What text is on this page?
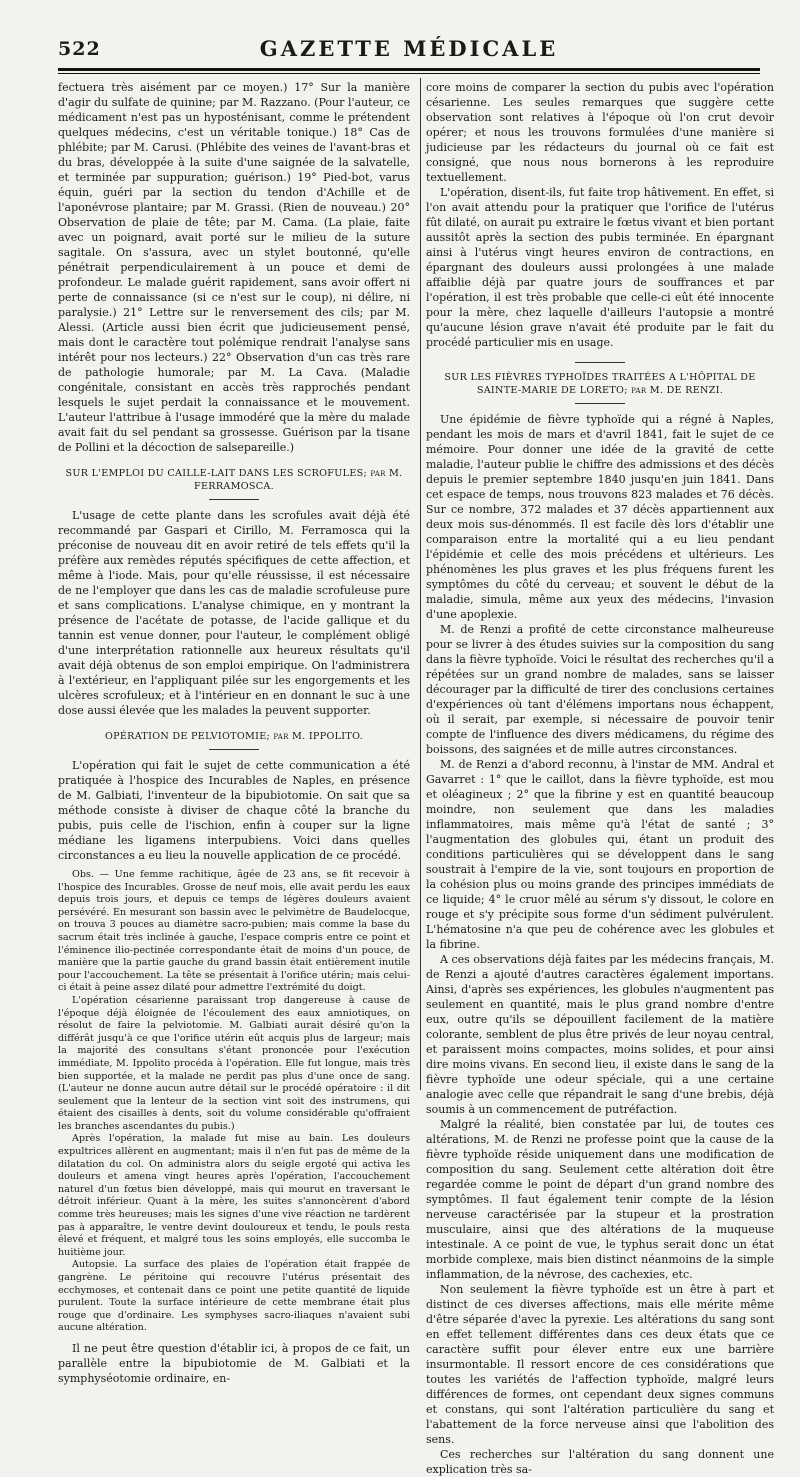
522	GAZETTE MÉDICALE

fectuera très aisément par ce moyen.) 17° Sur la manière d'agir du sulfate de quinine; par M. Razzano. (Pour l'auteur, ce médicament n'est pas un hyposténisant, comme le prétendent quelques médecins, c'est un véritable tonique.) 18° Cas de phlébite; par M. Carusi. (Phlébite des veines de l'avant-bras et du bras, développée à la suite d'une saignée de la salvatelle, et terminée par suppuration; guérison.) 19° Pied-bot, varus équin, guéri par la section du tendon d'Achille et de l'aponévrose plantaire; par M. Grassi. (Rien de nouveau.) 20° Observation de plaie de tête; par M. Cama. (La plaie, faite avec un poignard, avait porté sur le milieu de la suture sagitale. On s'assura, avec un stylet boutonné, qu'elle pénétrait perpendiculairement à un pouce et demi de profondeur. Le malade guérit rapidement, sans avoir offert ni perte de connaissance (si ce n'est sur le coup), ni délire, ni paralysie.) 21° Lettre sur le renversement des cils; par M. Alessi. (Article aussi bien écrit que judicieusement pensé, mais dont le caractère tout polémique rendrait l'analyse sans intérêt pour nos lecteurs.) 22° Observation d'un cas très rare de pathologie humorale; par M. La Cava. (Maladie congénitale, consistant en accès très rapprochés pendant lesquels le sujet perdait la connaissance et le mouvement. L'auteur l'attribue à l'usage immodéré que la mère du malade avait fait du sel pendant sa grossesse. Guérison par la tisane de Pollini et la décoction de salsepareille.)

SUR L'EMPLOI DU CAILLE-LAIT DANS LES SCROFULES; par M. FERRAMOSCA.

L'usage de cette plante dans les scrofules avait déjà été recommandé par Gaspari et Cirillo, M. Ferramosca qui la préconise de nouveau dit en avoir retiré de tels effets qu'il la préfère aux remèdes réputés spécifiques de cette affection, et même à l'iode. Mais, pour qu'elle réussisse, il est nécessaire de ne l'employer que dans les cas de maladie scrofuleuse pure et sans complications. L'analyse chimique, en y montrant la présence de l'acétate de potasse, de l'acide gallique et du tannin est venue donner, pour l'auteur, le complément obligé d'une interprétation rationnelle aux heureux résultats qu'il avait déjà obtenus de son emploi empirique. On l'administrera à l'extérieur, en l'appliquant pilée sur les engorgements et les ulcères scrofuleux; et à l'intérieur en en donnant le suc à une dose aussi élevée que les malades la peuvent supporter.

OPÉRATION DE PELVIOTOMIE; par M. IPPOLITO.

L'opération qui fait le sujet de cette communication a été pratiquée à l'hospice des Incurables de Naples, en présence de M. Galbiati, l'inventeur de la bipubiotomie. On sait que sa méthode consiste à diviser de chaque côté la branche du pubis, puis celle de l'ischion, enfin à couper sur la ligne médiane les ligamens interpubiens. Voici dans quelles circonstances a eu lieu la nouvelle application de ce procédé.

Obs. — Une femme rachitique, âgée de 23 ans, se fit recevoir à l'hospice des Incurables. Grosse de neuf mois, elle avait perdu les eaux depuis trois jours, et depuis ce temps de légères douleurs avaient persévéré. En mesurant son bassin avec le pelvimètre de Baudelocque, on trouva 3 pouces au diamètre sacro-pubien; mais comme la base du sacrum était très inclinée à gauche, l'espace compris entre ce point et l'éminence ilio-pectinée correspondante était de moins d'un pouce, de manière que la partie gauche du grand bassin était entièrement inutile pour l'accouchement. La tête se présentait à l'orifice utérin; mais celui-ci était à peine assez dilaté pour admettre l'extrémité du doigt.

L'opération césarienne paraissant trop dangereuse à cause de l'époque déjà éloignée de l'écoulement des eaux amniotiques, on résolut de faire la pelviotomie. M. Galbiati aurait désiré qu'on la différât jusqu'à ce que l'orifice utérin eût acquis plus de largeur; mais la majorité des consultans s'étant prononcée pour l'exécution immédiate, M. Ippolito procéda à l'opération. Elle fut longue, mais très bien supportée, et la malade ne perdit pas plus d'une once de sang. (L'auteur ne donne aucun autre détail sur le procédé opératoire : il dit seulement que la lenteur de la section vint soit des instrumens, qui étaient des cisailles à dents, soit du volume considérable qu'offraient les branches ascendantes du pubis.)

Après l'opération, la malade fut mise au bain. Les douleurs expultrices allèrent en augmentant; mais il n'en fut pas de même de la dilatation du col. On administra alors du seigle ergoté qui activa les douleurs et amena vingt heures après l'opération, l'accouchement naturel d'un fœtus bien développé, mais qui mourut en traversant le détroit inférieur. Quant à la mère, les suites s'annoncèrent d'abord comme très heureuses; mais les signes d'une vive réaction ne tardèrent pas à apparaître, le ventre devint douloureux et tendu, le pouls resta élevé et fréquent, et malgré tous les soins employés, elle succomba le huitième jour.

Autopsie. La surface des plaies de l'opération était frappée de gangrène. Le péritoine qui recouvre l'utérus présentait des ecchymoses, et contenait dans ce point une petite quantité de liquide purulent. Toute la surface intérieure de cette membrane était plus rouge que d'ordinaire. Les symphyses sacro-iliaques n'avaient subi aucune altération.

Il ne peut être question d'établir ici, à propos de ce fait, un parallèle entre la bipubiotomie de M. Galbiati et la symphyséotomie ordinaire, en-

core moins de comparer la section du pubis avec l'opération césarienne. Les seules remarques que suggère cette observation sont relatives à l'époque où l'on crut devoir opérer; et nous les trouvons formulées d'une manière si judicieuse par les rédacteurs du journal où ce fait est consigné, que nous nous bornerons à les reproduire textuellement.

L'opération, disent-ils, fut faite trop hâtivement. En effet, si l'on avait attendu pour la pratiquer que l'orifice de l'utérus fût dilaté, on aurait pu extraire le fœtus vivant et bien portant aussitôt après la section des pubis terminée. En épargnant ainsi à l'utérus vingt heures environ de contractions, en épargnant des douleurs aussi prolongées à une malade affaiblie déjà par quatre jours de souffrances et par l'opération, il est très probable que celle-ci eût été innocente pour la mère, chez laquelle d'ailleurs l'autopsie a montré qu'aucune lésion grave n'avait été produite par le fait du procédé particulier mis en usage.

SUR LES FIÈVRES TYPHOÏDES TRAITÉES A L'HÔPITAL DE SAINTE-MARIE DE LORETO; par M. DE RENZI.

Une épidémie de fièvre typhoïde qui a régné à Naples, pendant les mois de mars et d'avril 1841, fait le sujet de ce mémoire. Pour donner une idée de la gravité de cette maladie, l'auteur publie le chiffre des admissions et des décès depuis le premier septembre 1840 jusqu'en juin 1841. Dans cet espace de temps, nous trouvons 823 malades et 76 décès. Sur ce nombre, 372 malades et 37 décès appartiennent aux deux mois sus-dénommés. Il est facile dès lors d'établir une comparaison entre la mortalité qui a eu lieu pendant l'épidémie et celle des mois précédens et ultérieurs. Les phénomènes les plus graves et les plus fréquens furent les symptômes du côté du cerveau; et souvent le début de la maladie, simula, même aux yeux des médecins, l'invasion d'une apoplexie.

M. de Renzi a profité de cette circonstance malheureuse pour se livrer à des études suivies sur la composition du sang dans la fièvre typhoïde. Voici le résultat des recherches qu'il a répétées sur un grand nombre de malades, sans se laisser décourager par la difficulté de tirer des conclusions certaines d'expériences où tant d'élémens importans nous échappent, où il serait, par exemple, si nécessaire de pouvoir tenir compte de l'influence des divers médicamens, du régime des boissons, des saignées et de mille autres circonstances.

M. de Renzi a d'abord reconnu, à l'instar de MM. Andral et Gavarret : 1° que le caillot, dans la fièvre typhoïde, est mou et oléagineux ; 2° que la fibrine y est en quantité beaucoup moindre, non seulement que dans les maladies inflammatoires, mais même qu'à l'état de santé ; 3° l'augmentation des globules qui, étant un produit des conditions particulières qui se développent dans le sang soustrait à l'empire de la vie, sont toujours en proportion de la cohésion plus ou moins grande des principes immédiats de ce liquide; 4° le cruor mêlé au sérum s'y dissout, le colore en rouge et s'y précipite sous forme d'un sédiment pulvérulent. L'hématosine n'a que peu de cohérence avec les globules et la fibrine.

A ces observations déjà faites par les médecins français, M. de Renzi a ajouté d'autres caractères également importans. Ainsi, d'après ses expériences, les globules n'augmentent pas seulement en quantité, mais le plus grand nombre d'entre eux, outre qu'ils se dépouillent facilement de la matière colorante, semblent de plus être privés de leur noyau central, et paraissent moins compactes, moins solides, et pour ainsi dire moins vivans. En second lieu, il existe dans le sang de la fièvre typhoïde une odeur spéciale, qui a une certaine analogie avec celle que répandrait le sang d'une brebis, déjà soumis à un commencement de putréfaction.

Malgré la réalité, bien constatée par lui, de toutes ces altérations, M. de Renzi ne professe point que la cause de la fièvre typhoïde réside uniquement dans une modification de composition du sang. Seulement cette altération doit être regardée comme le point de départ d'un grand nombre des symptômes. Il faut également tenir compte de la lésion nerveuse caractérisée par la stupeur et la prostration musculaire, ainsi que des altérations de la muqueuse intestinale. A ce point de vue, le typhus serait donc un état morbide complexe, mais bien distinct néanmoins de la simple inflammation, de la névrose, des cachexies, etc.

Non seulement la fièvre typhoïde est un être à part et distinct de ces diverses affections, mais elle mérite même d'être séparée d'avec la pyrexie. Les altérations du sang sont en effet tellement différentes dans ces deux états que ce caractère suffit pour élever entre eux une barrière insurmontable. Il ressort encore de ces considérations que toutes les variétés de l'affection typhoïde, malgré leurs différences de formes, ont cependant deux signes communs et constans, qui sont l'altération particulière du sang et l'abattement de la force nerveuse ainsi que l'abolition des sens.

Ces recherches sur l'altération du sang donnent une explication très sa-
